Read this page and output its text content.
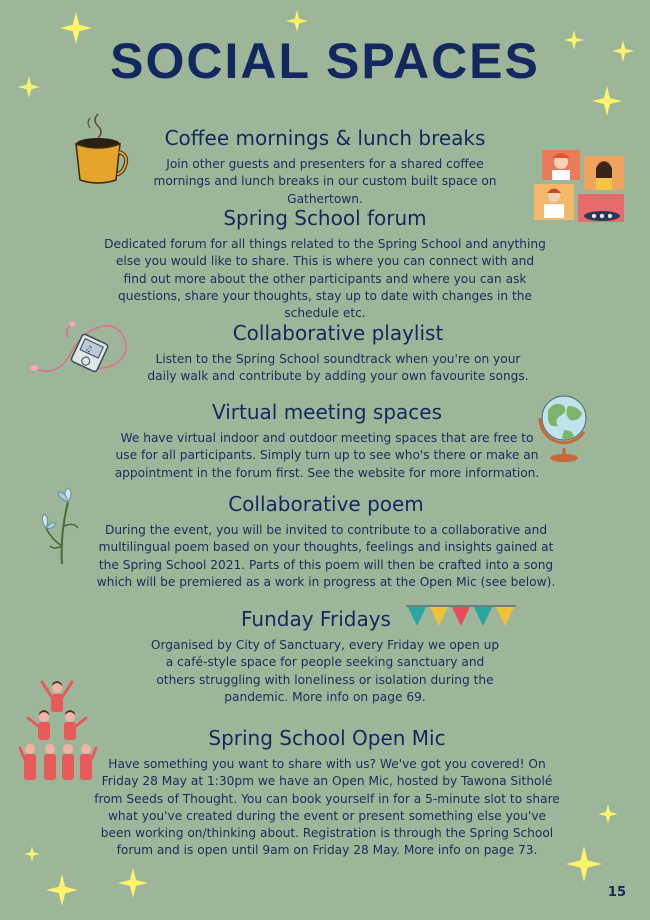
SOCIAL SPACES
♫
Coffee mornings & lunch breaks

Join other guests and presenters for a shared coffee mornings and lunch breaks in our custom built space on Gathertown.

Spring School forum

Dedicated forum for all things related to the Spring School and anything else you would like to share. This is where you can connect with and find out more about the other participants and where you can ask questions, share your thoughts, stay up to date with changes in the schedule etc.

Collaborative playlist

Listen to the Spring School soundtrack when you're on your daily walk and contribute by adding your own favourite songs.

Virtual meeting spaces

We have virtual indoor and outdoor meeting spaces that are free to use for all participants. Simply turn up to see who's there or make an appointment in the forum first. See the website for more information.

Collaborative poem

During the event, you will be invited to contribute to a collaborative and multilingual poem based on your thoughts, feelings and insights gained at the Spring School 2021. Parts of this poem will then be crafted into a song which will be premiered as a work in progress at the Open Mic (see below).

Funday Fridays

Organised by City of Sanctuary, every Friday we open up a café-style space for people seeking sanctuary and others struggling with loneliness or isolation during the pandemic. More info on page 69.

Spring School Open Mic

Have something you want to share with us? We've got you covered! On Friday 28 May at 1:30pm we have an Open Mic, hosted by Tawona Sitholé from Seeds of Thought. You can book yourself in for a 5-minute slot to share what you've created during the event or present something else you've been working on/thinking about. Registration is through the Spring School forum and is open until 9am on Friday 28 May. More info on page 73.

15
